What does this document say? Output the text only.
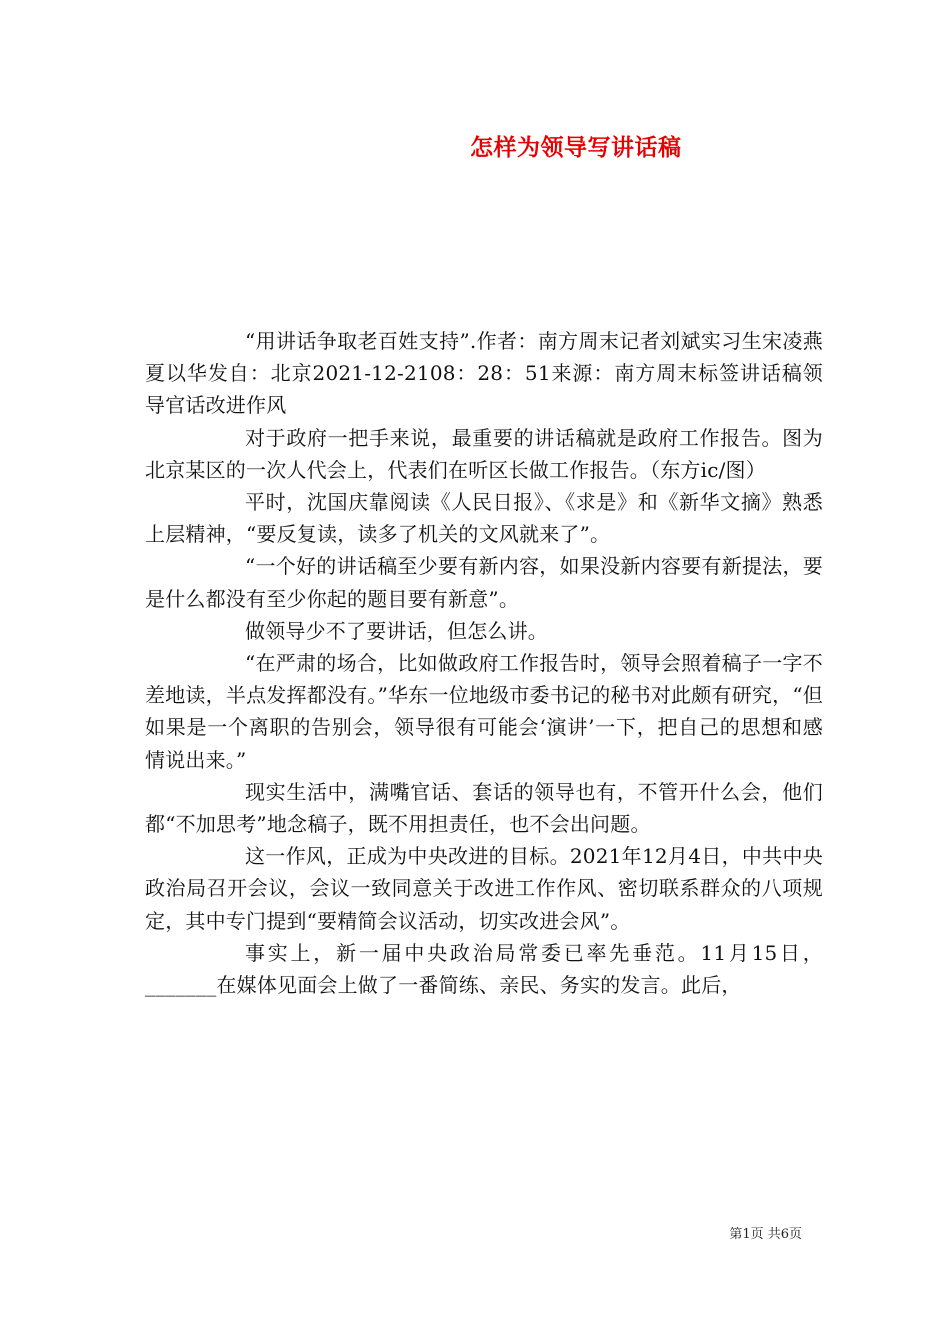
怎样为领导写讲话稿

“用讲话争取老百姓支持”.作者：南方周末记者刘斌实习生宋凌燕夏以华发自：北京2021-12-2108：28：51来源：南方周末标签讲话稿领导官话改进作风

对于政府一把手来说，最重要的讲话稿就是政府工作报告。图为北京某区的一次人代会上，代表们在听区长做工作报告。（东方ic/图）

平时，沈国庆靠阅读《人民日报》、《求是》和《新华文摘》熟悉上层精神，“要反复读，读多了机关的文风就来了”。

“一个好的讲话稿至少要有新内容，如果没新内容要有新提法，要是什么都没有至少你起的题目要有新意”。

做领导少不了要讲话，但怎么讲。

“在严肃的场合，比如做政府工作报告时，领导会照着稿子一字不差地读，半点发挥都没有。”华东一位地级市委书记的秘书对此颇有研究，“但如果是一个离职的告别会，领导很有可能会‘演讲’一下，把自己的思想和感情说出来。”

现实生活中，满嘴官话、套话的领导也有，不管开什么会，他们都“不加思考”地念稿子，既不用担责任，也不会出问题。

这一作风，正成为中央改进的目标。2021年12月4日，中共中央政治局召开会议，会议一致同意关于改进工作作风、密切联系群众的八项规定，其中专门提到“要精简会议活动，切实改进会风”。

事实上，新一届中央政治局常委已率先垂范。11月15日，_______在媒体见面会上做了一番简练、亲民、务实的发言。此后，

第1页 共6页
